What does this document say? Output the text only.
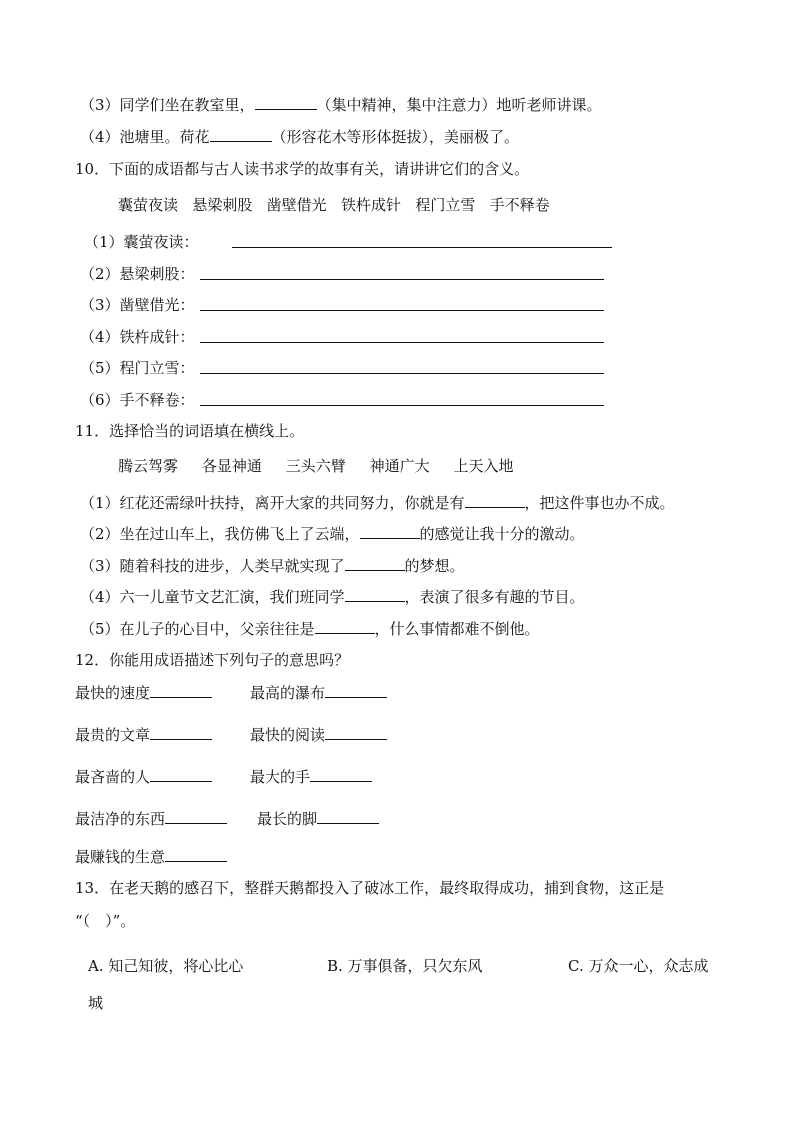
（3）同学们坐在教室里，	（集中精神，集中注意力）地听老师讲课。
（4）池塘里。荷花	（形容花木等形体挺拔），美丽极了。
10．下面的成语都与古人读书求学的故事有关，请讲讲它们的含义。
囊萤夜读 悬梁刺股 凿壁借光 铁杵成针 程门立雪 手不释卷
（1）囊萤夜读：
（2）悬梁刺股：
（3）凿壁借光：
（4）铁杵成针：
（5）程门立雪：
（6）手不释卷：
11．选择恰当的词语填在横线上。
腾云驾雾 各显神通 三头六臂 神通广大 上天入地
（1）红花还需绿叶扶持，离开大家的共同努力，你就是有	，把这件事也办不成。
（2）坐在过山车上，我仿佛飞上了云端，	的感觉让我十分的激动。
（3）随着科技的进步，人类早就实现了	的梦想。
（4）六一儿童节文艺汇演，我们班同学	，表演了很多有趣的节目。
（5）在儿子的心目中，父亲往往是	，什么事情都难不倒他。
12．你能用成语描述下列句子的意思吗？
最快的速度	最高的瀑布
最贵的文章	最快的阅读
最吝啬的人	最大的手
最洁净的东西	最长的脚
最赚钱的生意
13．在老天鹅的感召下，整群天鹅都投入了破冰工作，最终取得成功，捕到食物，这正是
“（　）”。
A. 知己知彼，将心比心	B. 万事俱备，只欠东风	C. 万众一心，众志成
城
